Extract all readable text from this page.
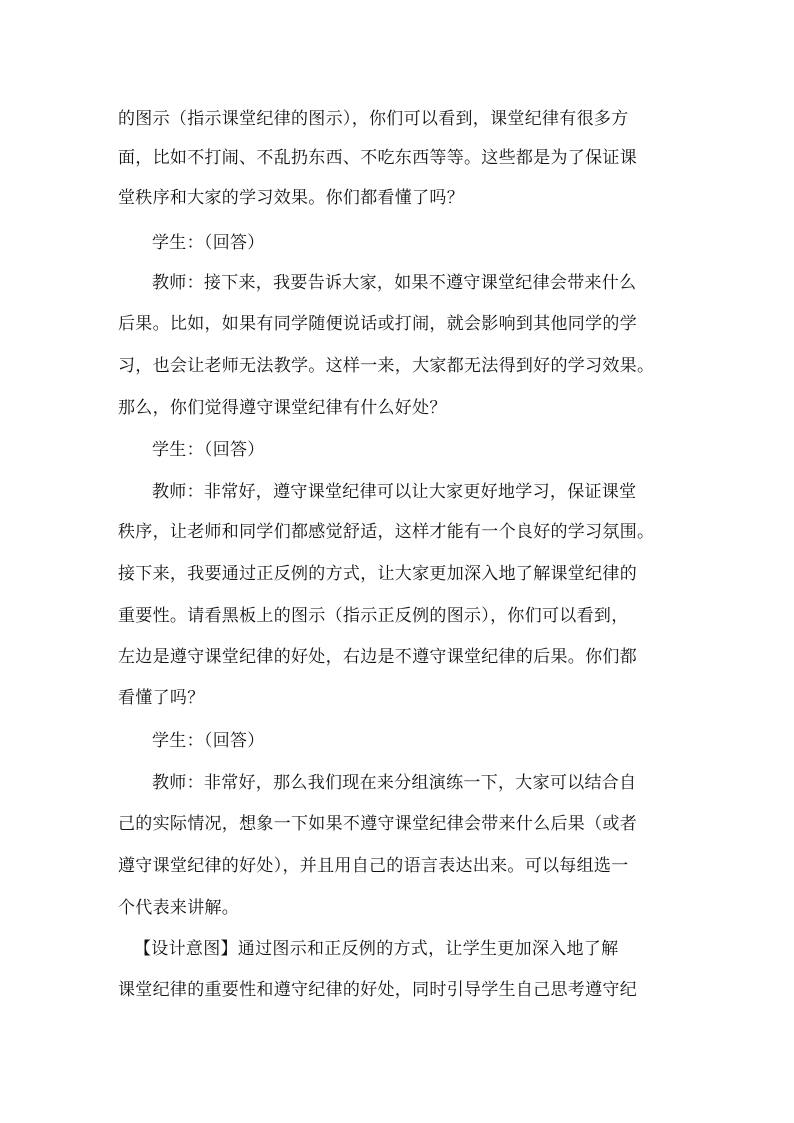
的图示（指示课堂纪律的图示），你们可以看到，课堂纪律有很多方
面，比如不打闹、不乱扔东西、不吃东西等等。这些都是为了保证课
堂秩序和大家的学习效果。你们都看懂了吗？
学生：（回答）
教师：接下来，我要告诉大家，如果不遵守课堂纪律会带来什么
后果。比如，如果有同学随便说话或打闹，就会影响到其他同学的学
习，也会让老师无法教学。这样一来，大家都无法得到好的学习效果。
那么，你们觉得遵守课堂纪律有什么好处？
学生：（回答）
教师：非常好，遵守课堂纪律可以让大家更好地学习，保证课堂
秩序，让老师和同学们都感觉舒适，这样才能有一个良好的学习氛围。
接下来，我要通过正反例的方式，让大家更加深入地了解课堂纪律的
重要性。请看黑板上的图示（指示正反例的图示），你们可以看到，
左边是遵守课堂纪律的好处，右边是不遵守课堂纪律的后果。你们都
看懂了吗？
学生：（回答）
教师：非常好，那么我们现在来分组演练一下，大家可以结合自
己的实际情况，想象一下如果不遵守课堂纪律会带来什么后果（或者
遵守课堂纪律的好处），并且用自己的语言表达出来。可以每组选一
个代表来讲解。
【设计意图】通过图示和正反例的方式，让学生更加深入地了解
课堂纪律的重要性和遵守纪律的好处，同时引导学生自己思考遵守纪
